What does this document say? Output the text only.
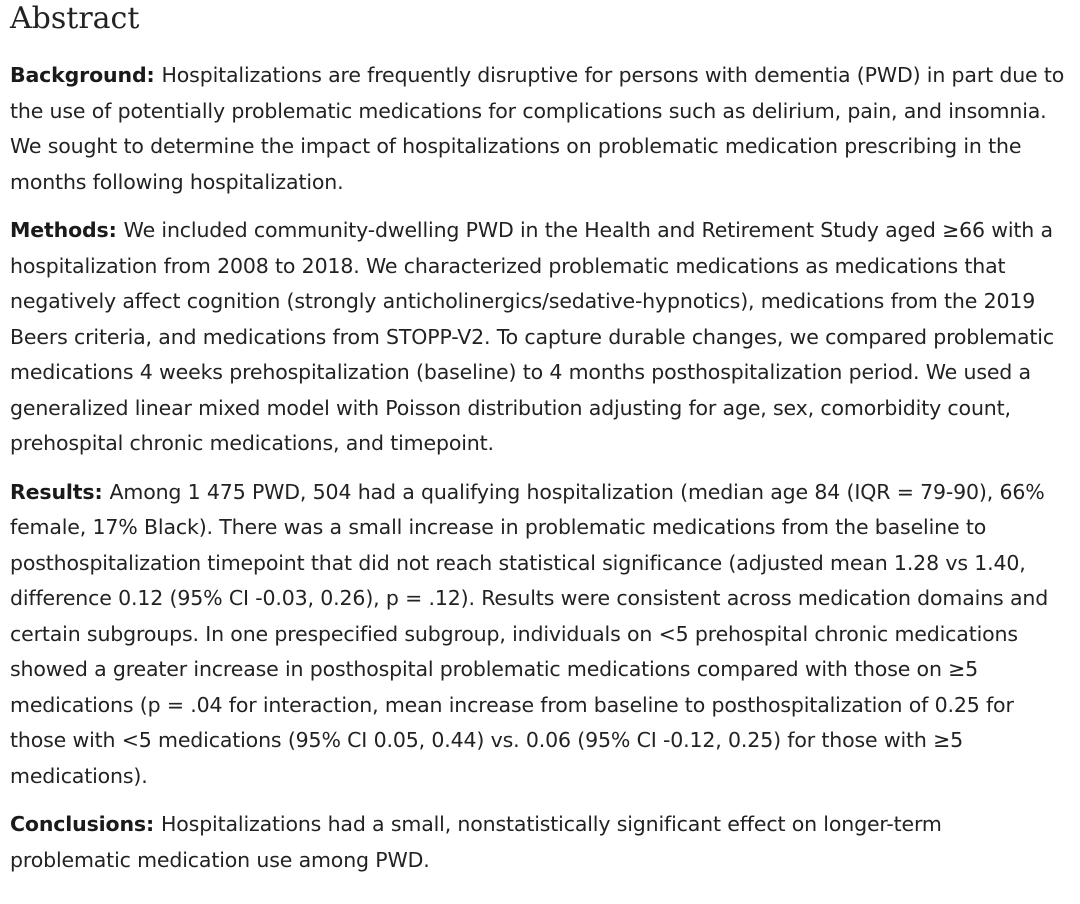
Abstract

Background: Hospitalizations are frequently disruptive for persons with dementia (PWD) in part due to the use of potentially problematic medications for complications such as delirium, pain, and insomnia. We sought to determine the impact of hospitalizations on problematic medication prescribing in the months following hospitalization.

Methods: We included community-dwelling PWD in the Health and Retirement Study aged ≥66 with a hospitalization from 2008 to 2018. We characterized problematic medications as medications that negatively affect cognition (strongly anticholinergics/sedative-hypnotics), medications from the 2019 Beers criteria, and medications from STOPP-V2. To capture durable changes, we compared problematic medications 4 weeks prehospitalization (baseline) to 4 months posthospitalization period. We used a generalized linear mixed model with Poisson distribution adjusting for age, sex, comorbidity count, prehospital chronic medications, and timepoint.

Results: Among 1 475 PWD, 504 had a qualifying hospitalization (median age 84 (IQR = 79-90), 66% female, 17% Black). There was a small increase in problematic medications from the baseline to posthospitalization timepoint that did not reach statistical significance (adjusted mean 1.28 vs 1.40, difference 0.12 (95% CI -0.03, 0.26), p = .12). Results were consistent across medication domains and certain subgroups. In one prespecified subgroup, individuals on <5 prehospital chronic medications showed a greater increase in posthospital problematic medications compared with those on ≥5 medications (p = .04 for interaction, mean increase from baseline to posthospitalization of 0.25 for those with <5 medications (95% CI 0.05, 0.44) vs. 0.06 (95% CI -0.12, 0.25) for those with ≥5 medications).

Conclusions: Hospitalizations had a small, nonstatistically significant effect on longer-term problematic medication use among PWD.
